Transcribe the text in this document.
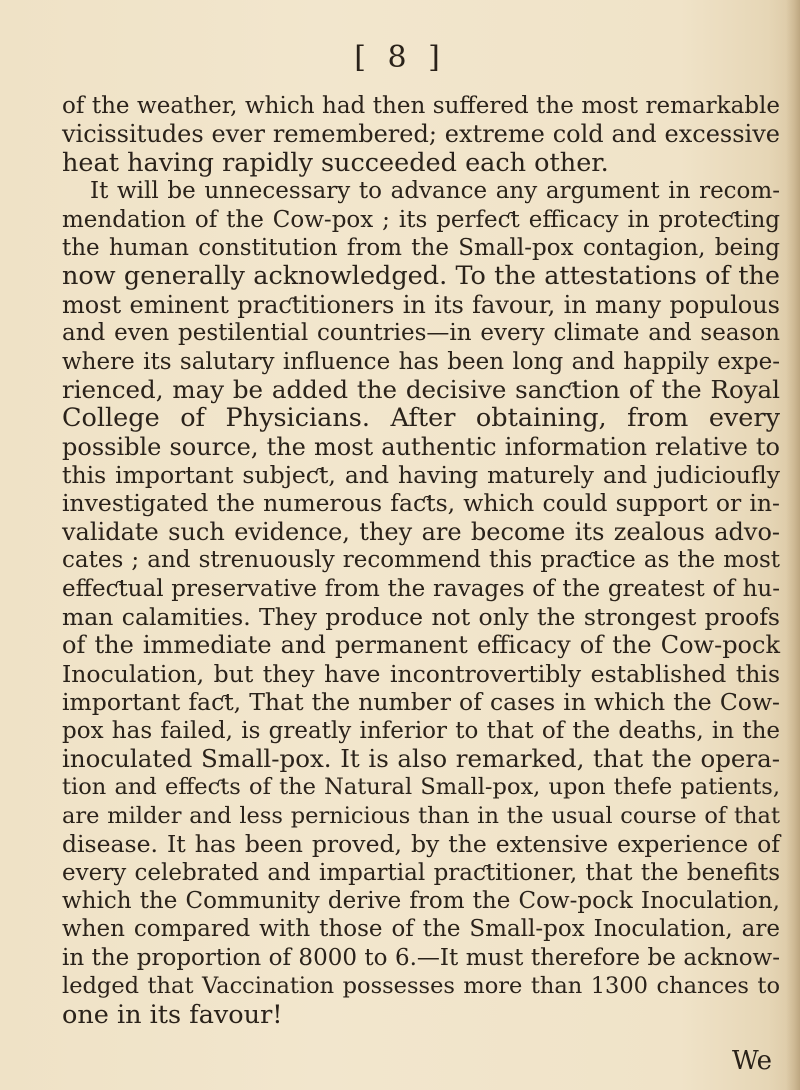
[ 8 ]
of the weather, which had then suffered the most remarkable
vicissitudes ever remembered; extreme cold and excessive
heat having rapidly succeeded each other.
It will be unnecessary to advance any argument in recom-
mendation of the Cow-pox ; its perfeƈt efficacy in proteƈting
the human constitution from the Small-pox contagion, being
now generally acknowledged. To the attestations of the
most eminent praƈtitioners in its favour, in many populous
and even pestilential countries—in every climate and season
where its salutary influence has been long and happily expe-
rienced, may be added the decisive sanƈtion of the Royal
College of Physicians. After obtaining, from every
possible source, the most authentic information relative to
this important subjeƈt, and having maturely and judicioufly
investigated the numerous faƈts, which could support or in-
validate such evidence, they are become its zealous advo-
cates ; and strenuously recommend this praƈtice as the most
effeƈtual preservative from the ravages of the greatest of hu-
man calamities. They produce not only the strongest proofs
of the immediate and permanent efficacy of the Cow-pock
Inoculation, but they have incontrovertibly established this
important faƈt, That the number of cases in which the Cow-
pox has failed, is greatly inferior to that of the deaths, in the
inoculated Small-pox. It is also remarked, that the opera-
tion and effeƈts of the Natural Small-pox, upon thefe patients,
are milder and less pernicious than in the usual course of that
disease. It has been proved, by the extensive experience of
every celebrated and impartial praƈtitioner, that the benefits
which the Community derive from the Cow-pock Inoculation,
when compared with those of the Small-pox Inoculation, are
in the proportion of 8000 to 6.—It must therefore be acknow-
ledged that Vaccination possesses more than 1300 chances to
one in its favour!
We
